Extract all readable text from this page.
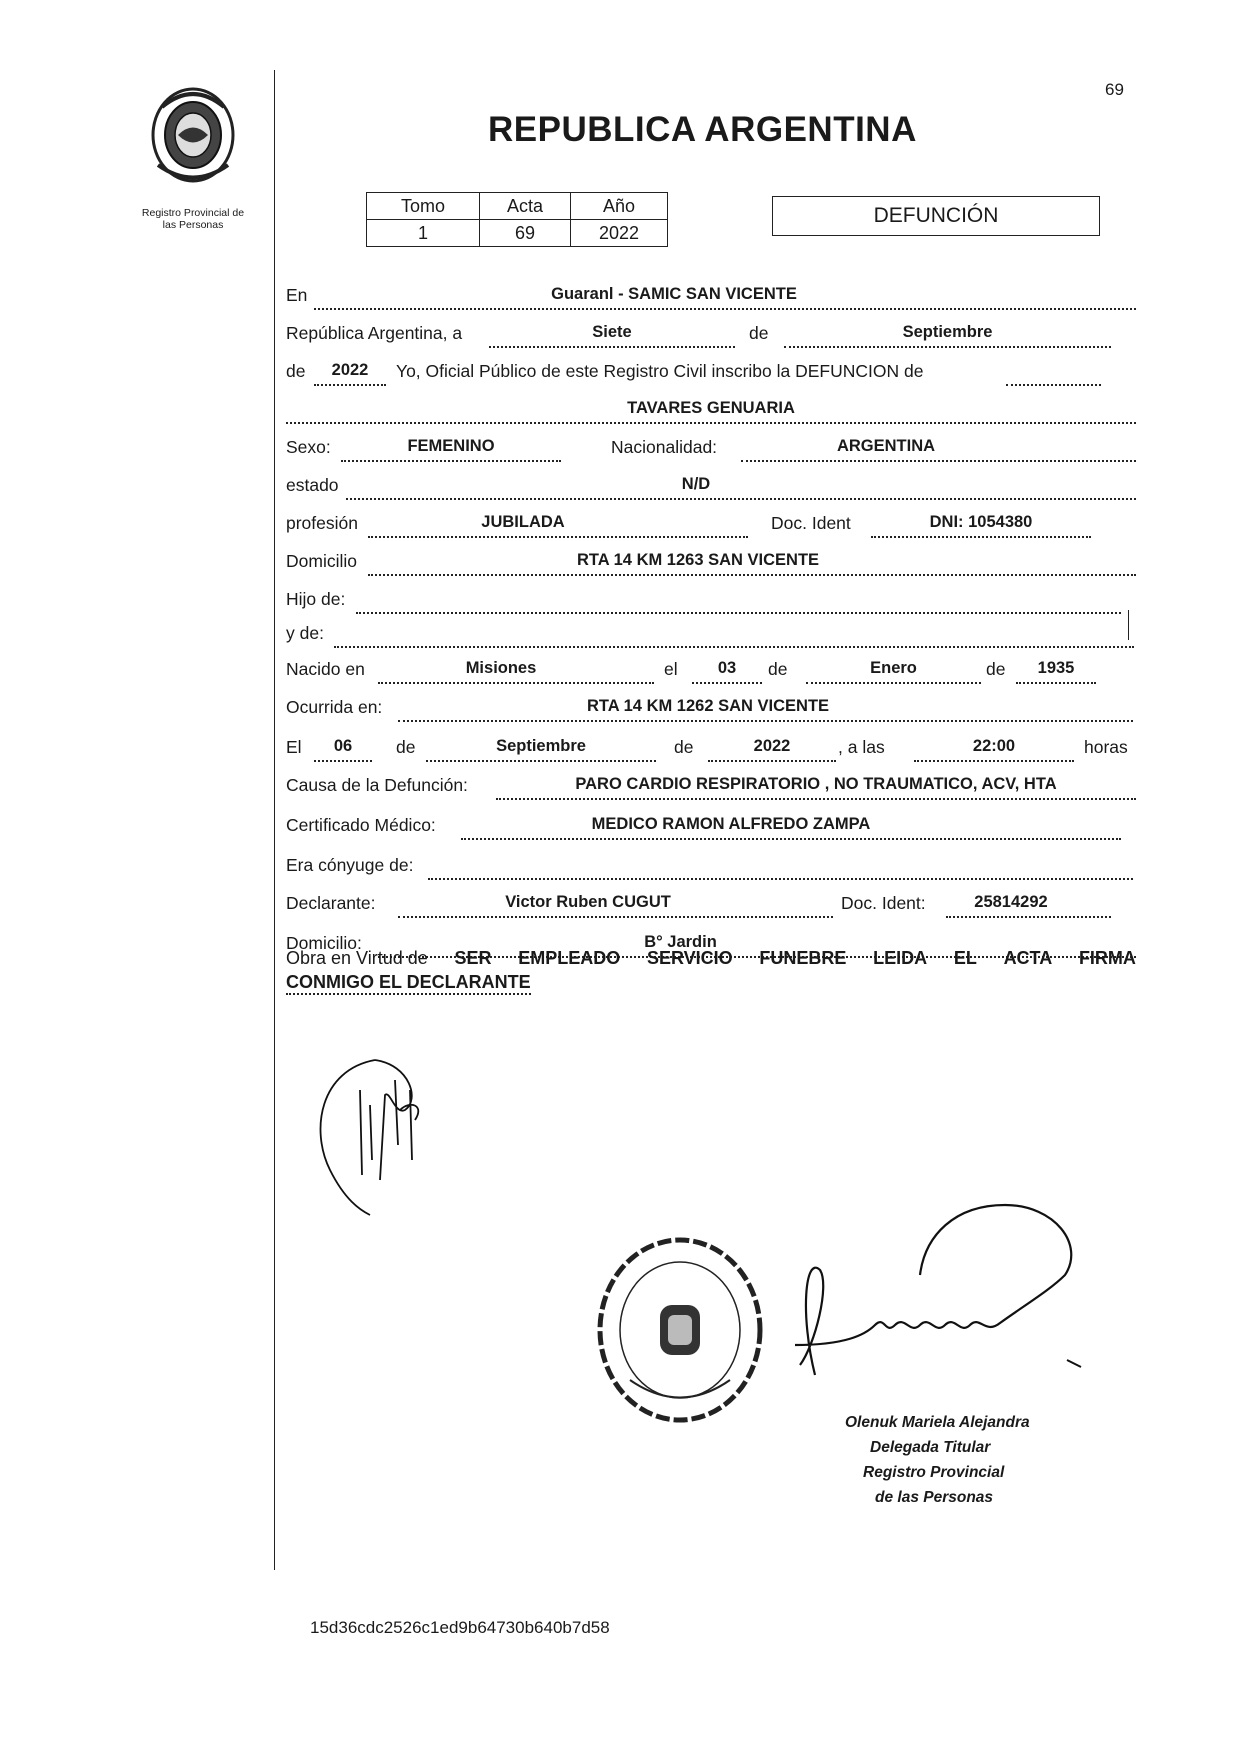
69
Registro Provincial de
las Personas
REPUBLICA ARGENTINA
Tomo	Acta	Año
1	69	2022
DEFUNCIÓN
En	Guaranl - SAMIC SAN VICENTE
República Argentina, a	Siete	de	Septiembre
de	2022	Yo, Oficial Público de este Registro Civil inscribo la DEFUNCION de
TAVARES GENUARIA
Sexo:	FEMENINO	Nacionalidad:	ARGENTINA
estado	N/D
profesión	JUBILADA	Doc. Ident	DNI: 1054380
Domicilio	RTA 14 KM 1263 SAN VICENTE
Hijo de:
y de:
Nacido en	Misiones	el	03	de	Enero	de	1935
Ocurrida en:	RTA 14 KM 1262 SAN VICENTE
El	06	de	Septiembre	de	2022	, a las	22:00	horas
Causa de la Defunción:	PARO CARDIO RESPIRATORIO , NO TRAUMATICO, ACV, HTA
Certificado Médico:	MEDICO RAMON ALFREDO ZAMPA
Era cónyuge de:
Declarante:	Victor Ruben CUGUT	Doc. Ident:	25814292
Domicilio:	B° Jardin
Obra en Virtud de SER EMPLEADO SERVICIO FUNEBRE LEIDA EL ACTA FIRMA
CONMIGO EL DECLARANTE
Olenuk Mariela Alejandra
Delegada Titular
Registro Provincial
de las Personas
15d36cdc2526c1ed9b64730b640b7d58
